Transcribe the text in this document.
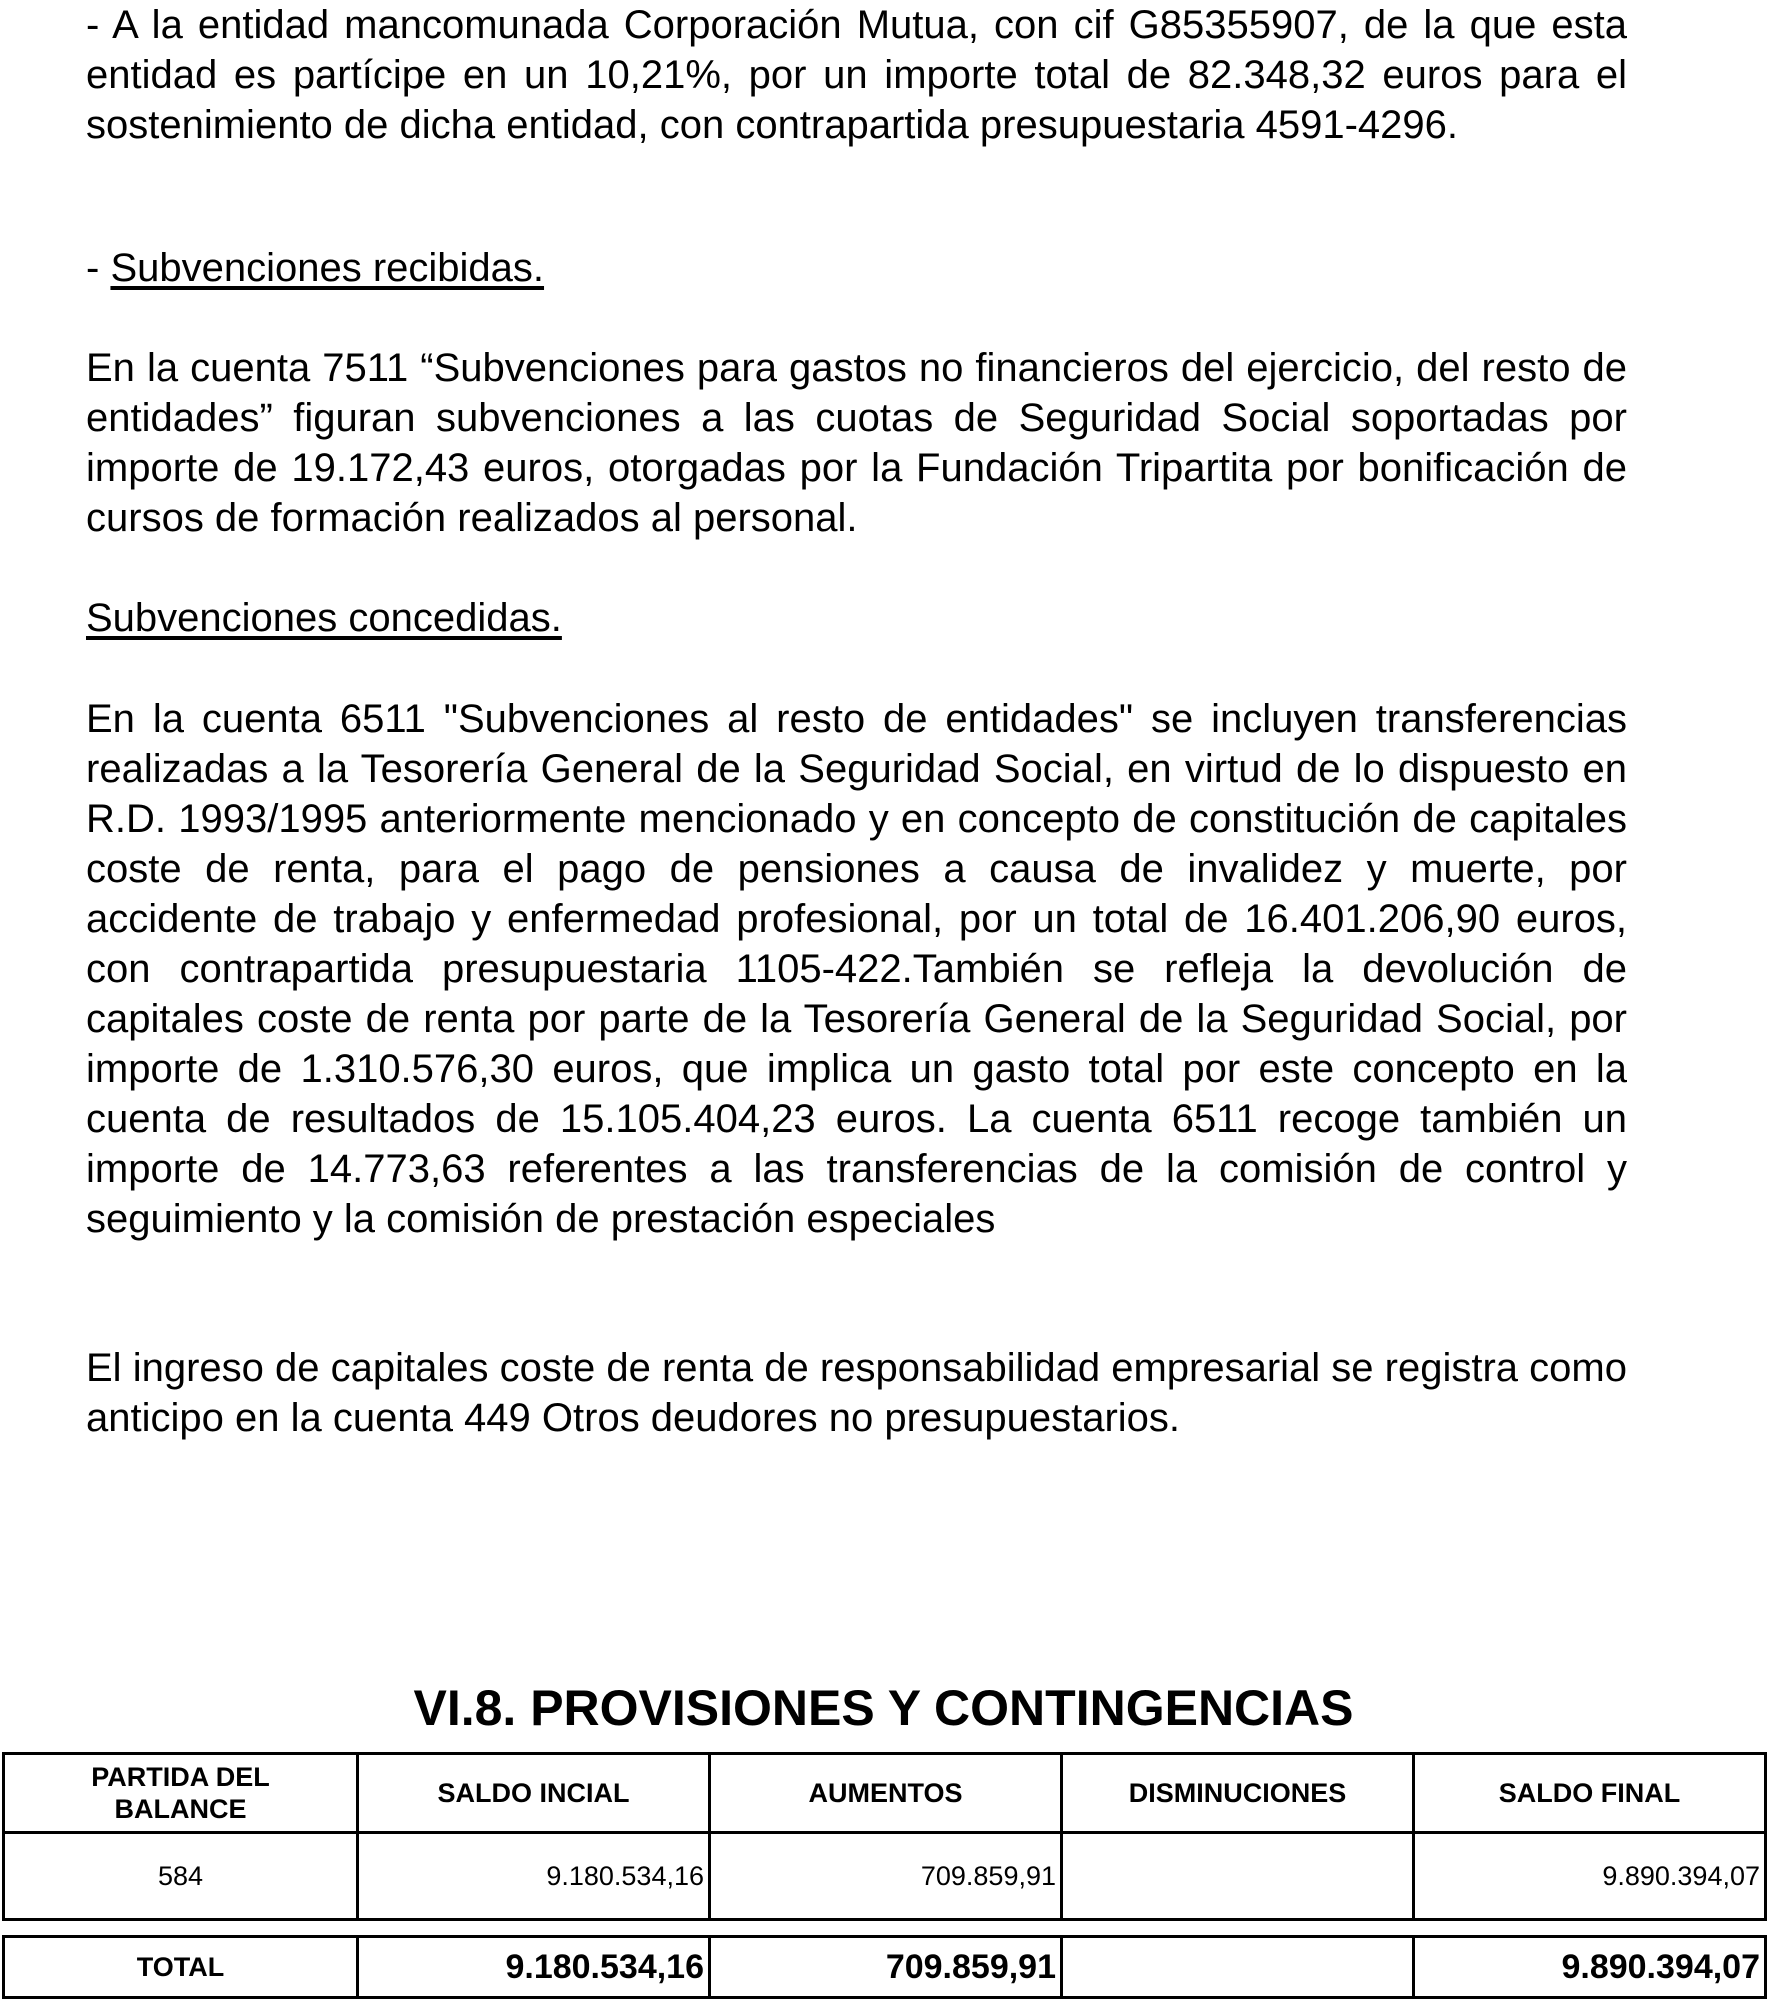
- A la entidad mancomunada Corporación Mutua, con cif G85355907, de la que esta entidad es partícipe en un 10,21%, por un importe total de 82.348,32 euros para el sostenimiento de dicha entidad, con contrapartida presupuestaria 4591-4296.

- Subvenciones recibidas.

En la cuenta 7511 “Subvenciones para gastos no financieros del ejercicio, del resto de entidades” figuran subvenciones a las cuotas de Seguridad Social soportadas por importe de 19.172,43 euros, otorgadas por la Fundación Tripartita por bonificación de cursos de formación realizados al personal.

Subvenciones concedidas.

En la cuenta 6511 "Subvenciones al resto de entidades" se incluyen transferencias realizadas a la Tesorería General de la Seguridad Social, en virtud de lo dispuesto en R.D. 1993/1995 anteriormente mencionado y en concepto de constitución de capitales coste de renta, para el pago de pensiones a causa de invalidez y muerte, por accidente de trabajo y enfermedad profesional, por un total de 16.401.206,90 euros, con contrapartida presupuestaria 1105-422.También se refleja la devolución de capitales coste de renta por parte de la Tesorería General de la Seguridad Social, por importe de 1.310.576,30 euros, que implica un gasto total por este concepto en la cuenta de resultados de 15.105.404,23 euros. La cuenta 6511 recoge también un importe de 14.773,63 referentes a las transferencias de la comisión de control y seguimiento y la comisión de prestación especiales

El ingreso de capitales coste de renta de responsabilidad empresarial se registra como anticipo en la cuenta 449 Otros deudores no presupuestarios.

VI.8. PROVISIONES Y CONTINGENCIAS
PARTIDA DEL
BALANCE	SALDO INCIAL	AUMENTOS	DISMINUCIONES	SALDO FINAL
584	9.180.534,16	709.859,91		9.890.394,07
TOTAL	9.180.534,16	709.859,91		9.890.394,07
